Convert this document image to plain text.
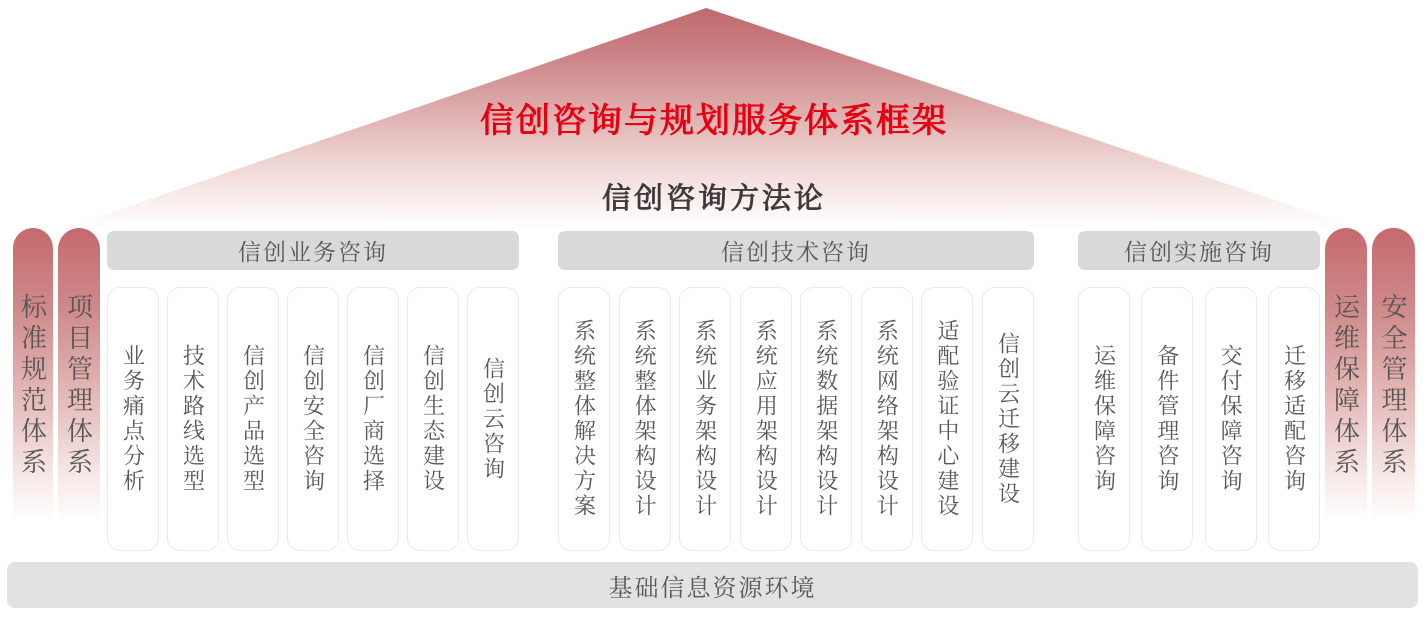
信创咨询与规划服务体系框架
信创咨询方法论
标准规范体系 项目管理体系	运维保障体系 安全管理体系
信创业务咨询
业务痛点分析 技术路线选型 信创产品选型 信创安全咨询 信创厂商选择 信创生态建设 信创云咨询
信创技术咨询
系统整体解决方案 系统整体架构设计 系统业务架构设计 系统应用架构设计 系统数据架构设计 系统网络架构设计 适配验证中心建设 信创云迁移建设
信创实施咨询
运维保障咨询 备件管理咨询 交付保障咨询 迁移适配咨询
基础信息资源环境
